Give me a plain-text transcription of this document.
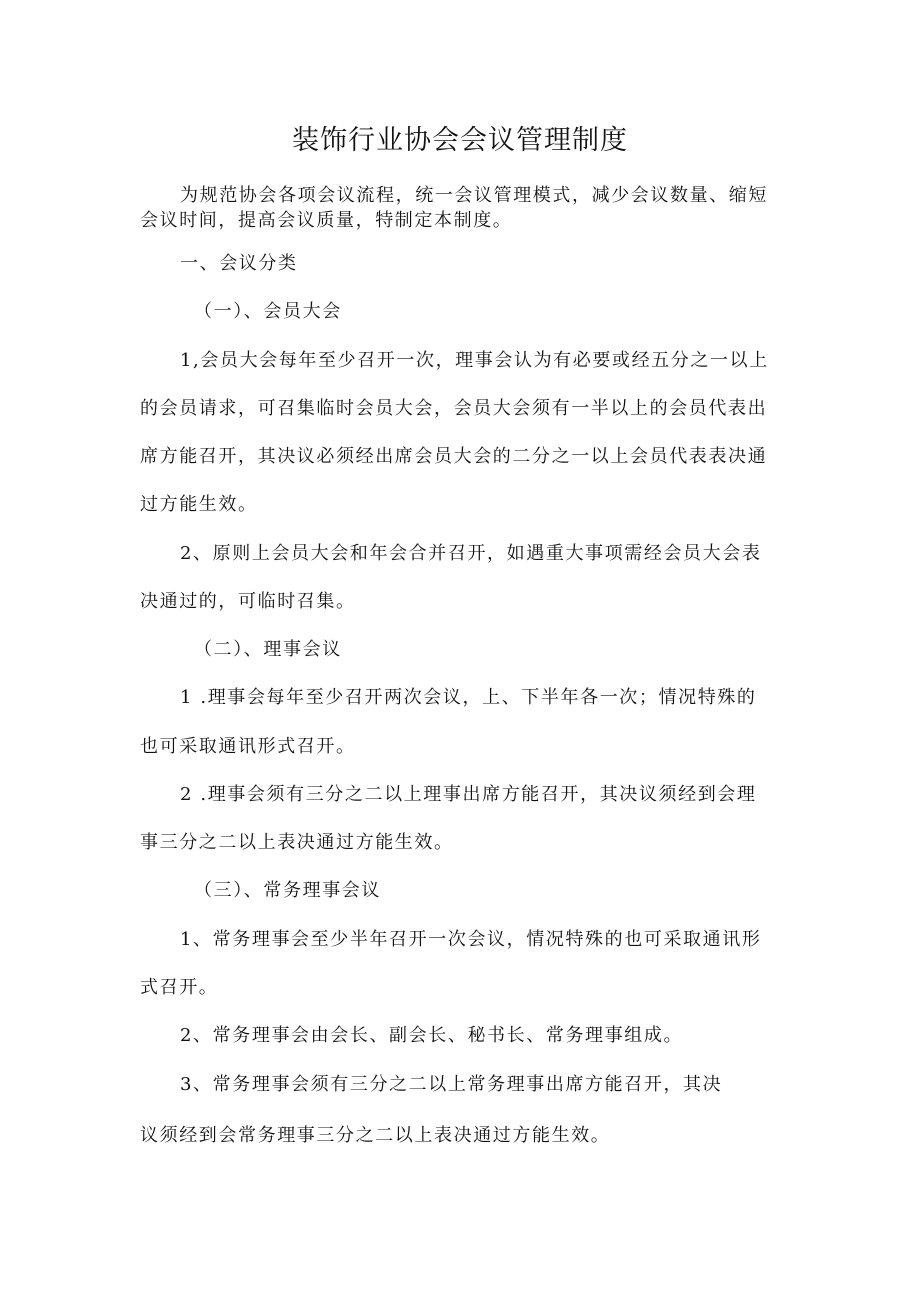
装饰行业协会会议管理制度
为规范协会各项会议流程，统一会议管理模式，减少会议数量、缩短
会议时间，提高会议质量，特制定本制度。
一、会议分类
（一）、会员大会
1,会员大会每年至少召开一次，理事会认为有必要或经五分之一以上
的会员请求，可召集临时会员大会，会员大会须有一半以上的会员代表出
席方能召开，其决议必须经出席会员大会的二分之一以上会员代表表决通
过方能生效。
2、原则上会员大会和年会合并召开，如遇重大事项需经会员大会表
决通过的，可临时召集。
（二）、理事会议
1 .理事会每年至少召开两次会议，上、下半年各一次；情况特殊的
也可采取通讯形式召开。
2 .理事会须有三分之二以上理事出席方能召开，其决议须经到会理
事三分之二以上表决通过方能生效。
（三）、常务理事会议
1、常务理事会至少半年召开一次会议，情况特殊的也可采取通讯形
式召开。
2、常务理事会由会长、副会长、秘书长、常务理事组成。
3、常务理事会须有三分之二以上常务理事出席方能召开，其决
议须经到会常务理事三分之二以上表决通过方能生效。
